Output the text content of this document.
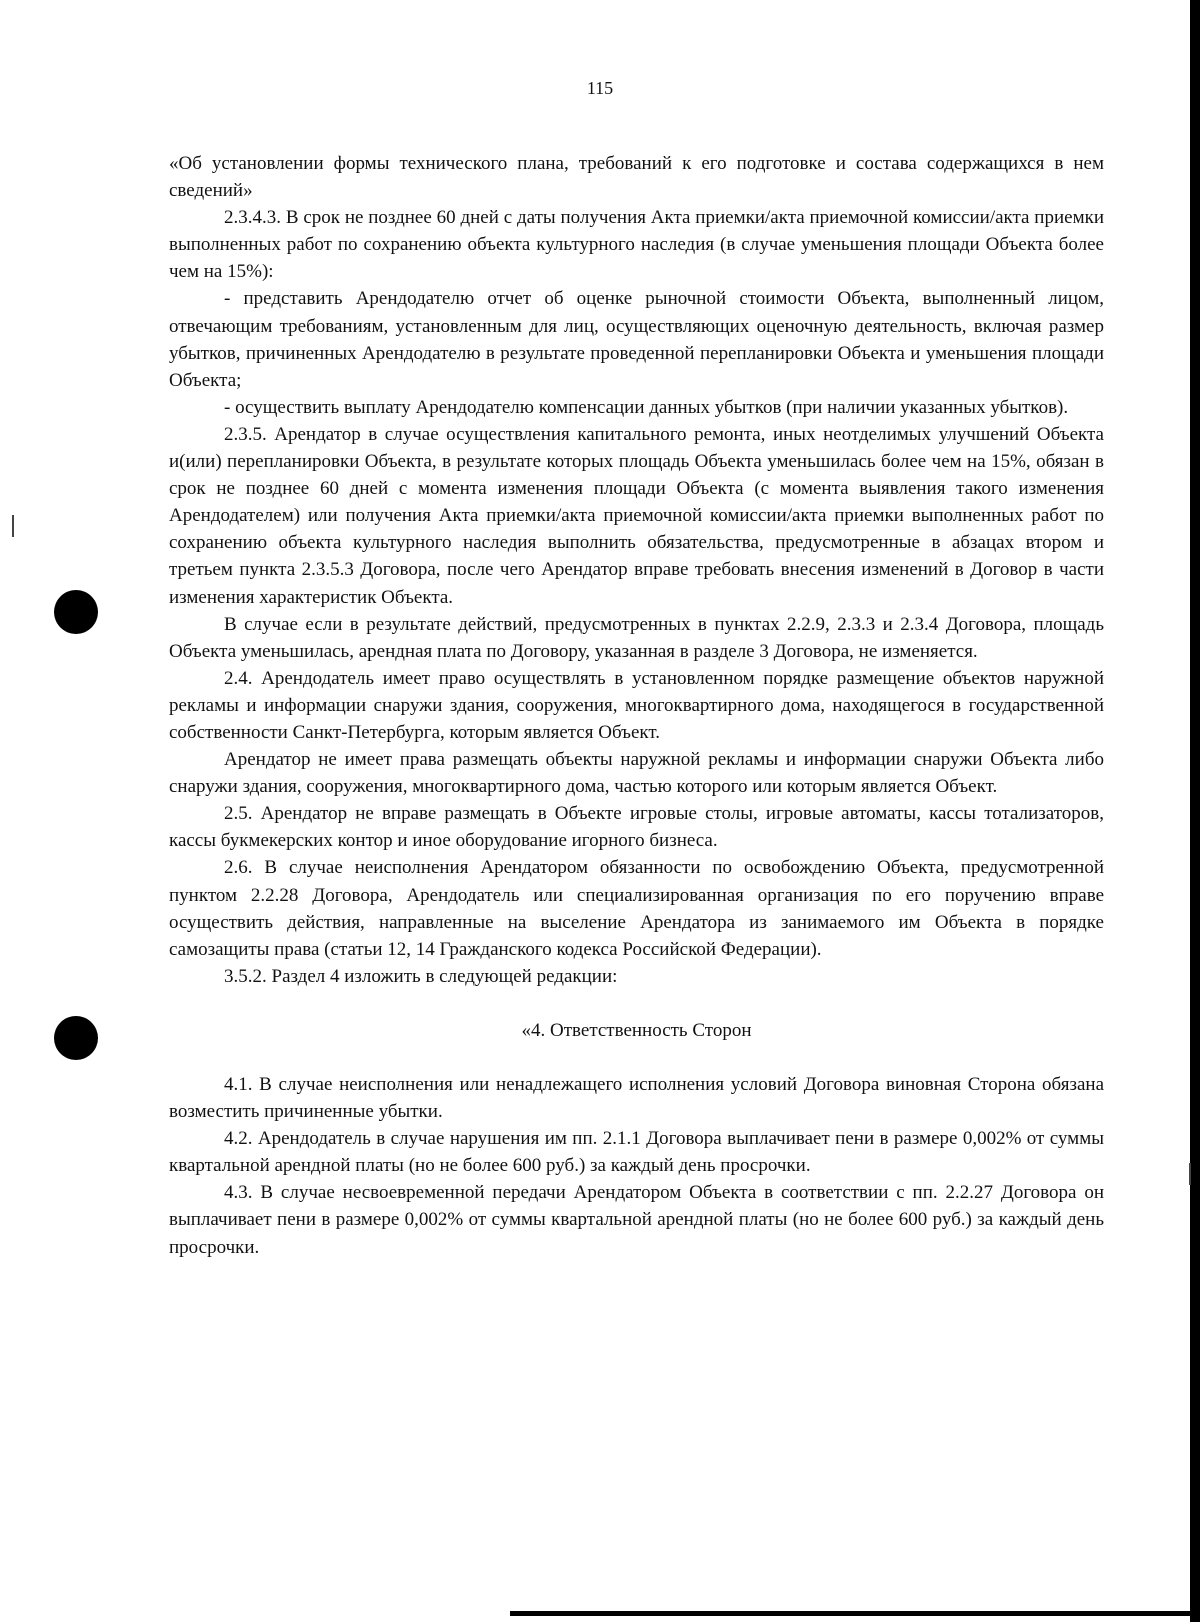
115

«Об установлении формы технического плана, требований к его подготовке и состава содержащихся в нем сведений»

2.3.4.3. В срок не позднее 60 дней с даты получения Акта приемки/акта приемочной комиссии/акта приемки выполненных работ по сохранению объекта культурного наследия (в случае уменьшения площади Объекта более чем на 15%):

- представить Арендодателю отчет об оценке рыночной стоимости Объекта, выполненный лицом, отвечающим требованиям, установленным для лиц, осуществляющих оценочную деятельность, включая размер убытков, причиненных Арендодателю в результате проведенной перепланировки Объекта и уменьшения площади Объекта;

- осуществить выплату Арендодателю компенсации данных убытков (при наличии указанных убытков).

2.3.5. Арендатор в случае осуществления капитального ремонта, иных неотделимых улучшений Объекта и(или) перепланировки Объекта, в результате которых площадь Объекта уменьшилась более чем на 15%, обязан в срок не позднее 60 дней с момента изменения площади Объекта (с момента выявления такого изменения Арендодателем) или получения Акта приемки/акта приемочной комиссии/акта приемки выполненных работ по сохранению объекта культурного наследия выполнить обязательства, предусмотренные в абзацах втором и третьем пункта 2.3.5.3 Договора, после чего Арендатор вправе требовать внесения изменений в Договор в части изменения характеристик Объекта.

В случае если в результате действий, предусмотренных в пунктах 2.2.9, 2.3.3 и 2.3.4 Договора, площадь Объекта уменьшилась, арендная плата по Договору, указанная в разделе 3 Договора, не изменяется.

2.4. Арендодатель имеет право осуществлять в установленном порядке размещение объектов наружной рекламы и информации снаружи здания, сооружения, многоквартирного дома, находящегося в государственной собственности Санкт-Петербурга, которым является Объект.

Арендатор не имеет права размещать объекты наружной рекламы и информации снаружи Объекта либо снаружи здания, сооружения, многоквартирного дома, частью которого или которым является Объект.

2.5. Арендатор не вправе размещать в Объекте игровые столы, игровые автоматы, кассы тотализаторов, кассы букмекерских контор и иное оборудование игорного бизнеса.

2.6. В случае неисполнения Арендатором обязанности по освобождению Объекта, предусмотренной пунктом 2.2.28 Договора, Арендодатель или специализированная организация по его поручению вправе осуществить действия, направленные на выселение Арендатора из занимаемого им Объекта в порядке самозащиты права (статьи 12, 14 Гражданского кодекса Российской Федерации).

3.5.2. Раздел 4 изложить в следующей редакции:

«4. Ответственность Сторон

4.1. В случае неисполнения или ненадлежащего исполнения условий Договора виновная Сторона обязана возместить причиненные убытки.

4.2. Арендодатель в случае нарушения им пп. 2.1.1 Договора выплачивает пени в размере 0,002% от суммы квартальной арендной платы (но не более 600 руб.) за каждый день просрочки.

4.3. В случае несвоевременной передачи Арендатором Объекта в соответствии с пп. 2.2.27 Договора он выплачивает пени в размере 0,002% от суммы квартальной арендной платы (но не более 600 руб.) за каждый день просрочки.
